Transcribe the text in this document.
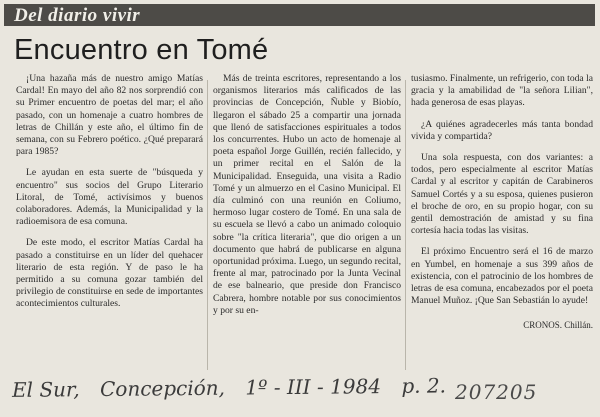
Del diario vivir
Encuentro en Tomé

¡Una hazaña más de nuestro amigo Matías Cardal! En mayo del año 82 nos sorprendió con su Primer encuentro de poetas del mar; el año pasado, con un homenaje a cuatro hombres de letras de Chillán y este año, el último fin de semana, con su Febrero poético. ¿Qué preparará para 1985?

Le ayudan en esta suerte de "búsqueda y encuentro" sus socios del Grupo Literario Litoral, de Tomé, activísimos y buenos colaboradores. Además, la Municipalidad y la radioemisora de esa comuna.

De este modo, el escritor Matías Cardal ha pasado a constituirse en un líder del quehacer literario de esta región. Y de paso le ha permitido a su comuna gozar también del privilegio de constituirse en sede de importantes acontecimientos culturales.

Más de treinta escritores, representando a los organismos literarios más calificados de las provincias de Concepción, Ñuble y Biobío, llegaron el sábado 25 a compartir una jornada que llenó de satisfacciones espirituales a todos los concurrentes. Hubo un acto de homenaje al poeta español Jorge Guillén, recién fallecido, y un primer recital en el Salón de la Municipalidad. Enseguida, una visita a Radio Tomé y un almuerzo en el Casino Municipal. El día culminó con una reunión en Coliumo, hermoso lugar costero de Tomé. En una sala de su escuela se llevó a cabo un animado coloquio sobre "la crítica literaria", que dio origen a un documento que habrá de publicarse en alguna oportunidad próxima. Luego, un segundo recital, frente al mar, patrocinado por la Junta Vecinal de ese balneario, que preside don Francisco Cabrera, hombre notable por sus conocimientos y por su en-

tusiasmo. Finalmente, un refrigerio, con toda la gracia y la amabilidad de "la señora Lilian", hada generosa de esas playas.

¿A quiénes agradecerles más tanta bondad vivida y compartida?

Una sola respuesta, con dos variantes: a todos, pero especialmente al escritor Matías Cardal y al escritor y capitán de Carabineros Samuel Cortés y a su esposa, quienes pusieron el broche de oro, en su propio hogar, con su gentil demostración de amistad y su fina cortesía hacia todas las visitas.

El próximo Encuentro será el 16 de marzo en Yumbel, en homenaje a sus 399 años de existencia, con el patrocinio de los hombres de letras de esa comuna, encabezados por el poeta Manuel Muñoz. ¡Que San Sebastián lo ayude!

CRONOS. Chillán.

El Sur, Concepción, 1º - III - 1984 p. 2. 207205
